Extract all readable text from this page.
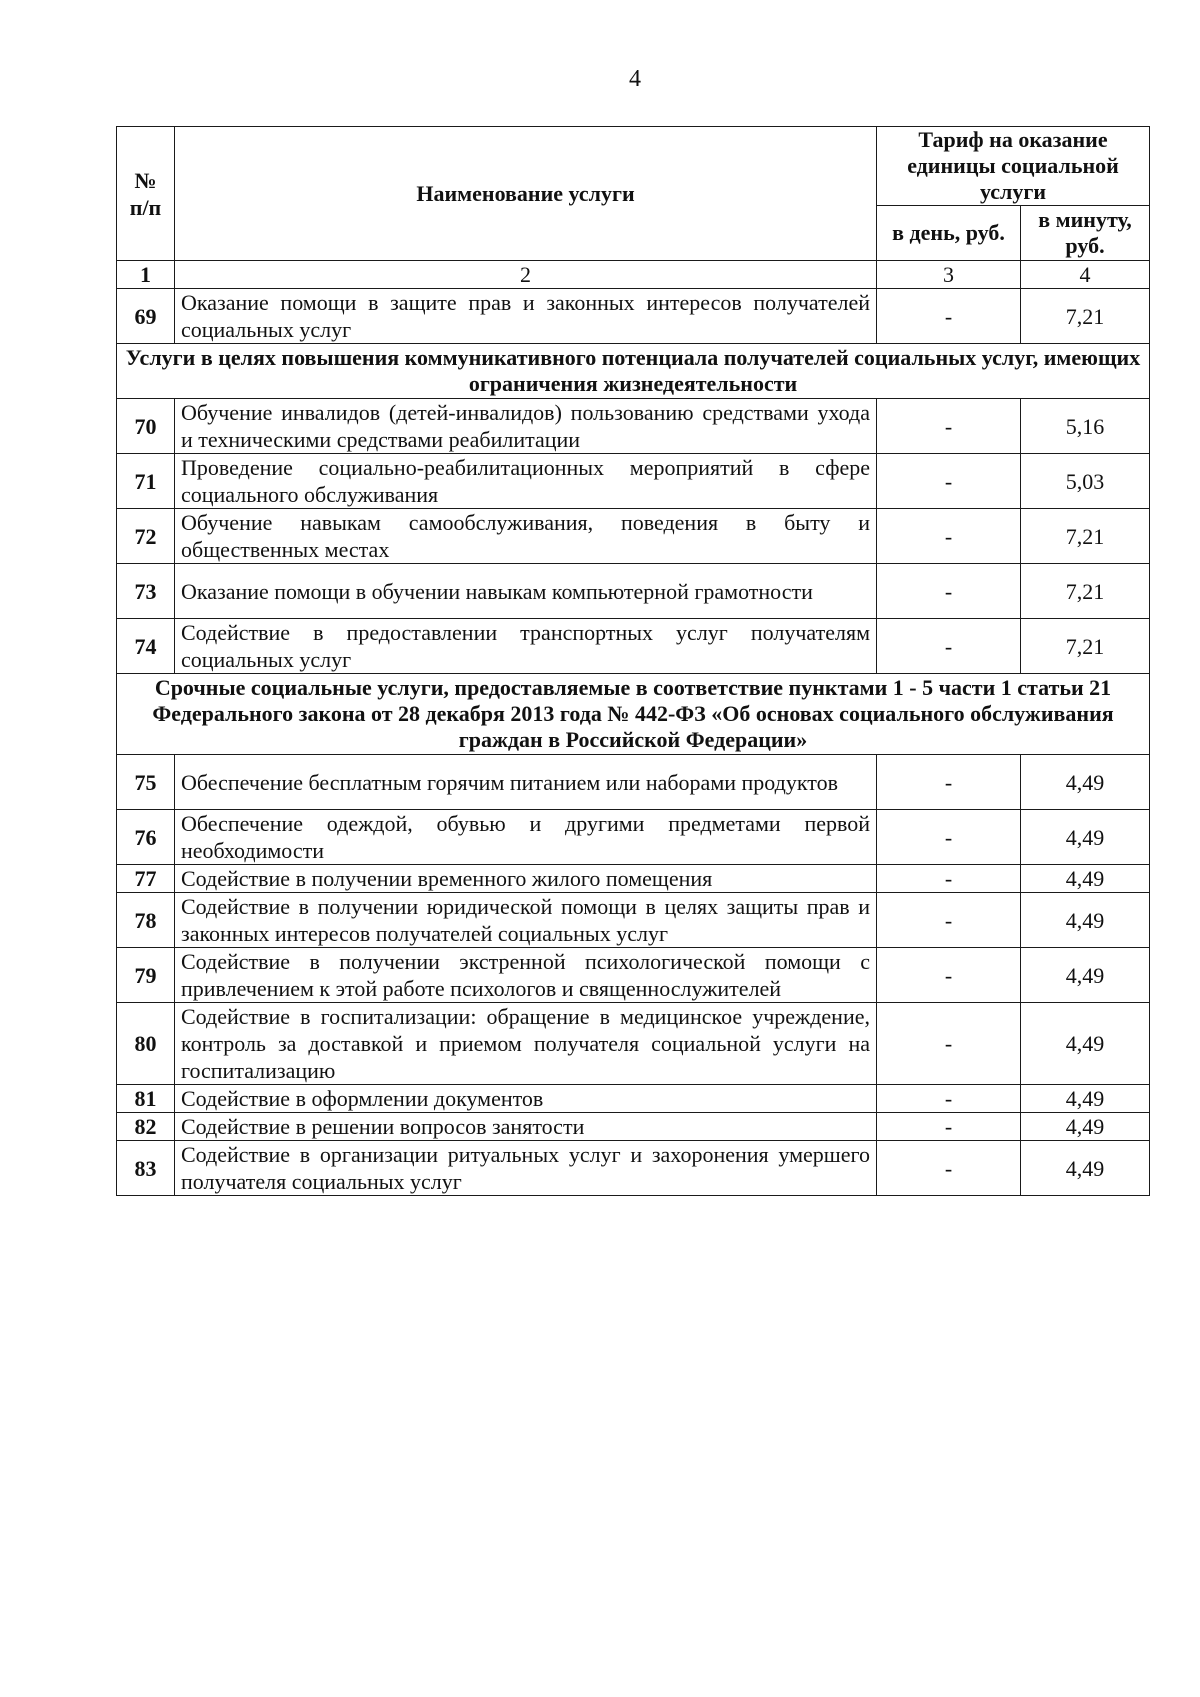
4
№ п/п	Наименование услуги	Тариф на оказание единицы социальной услуги	
		в день, руб.	в минуту, руб.
1	2	3	4
69	Оказание помощи в защите прав и законных интересов получателей социальных услуг	-	7,21
Услуги в целях повышения коммуникативного потенциала получателей социальных услуг, имеющих ограничения жизнедеятельности			
70	Обучение инвалидов (детей-инвалидов) пользованию средствами ухода и техническими средствами реабилитации	-	5,16
71	Проведение социально-реабилитационных мероприятий в сфере социального обслуживания	-	5,03
72	Обучение навыкам самообслуживания, поведения в быту и общественных местах	-	7,21
73	Оказание помощи в обучении навыкам компьютерной грамотности	-	7,21
74	Содействие в предоставлении транспортных услуг получателям социальных услуг	-	7,21
Срочные социальные услуги, предоставляемые в соответствие пунктами 1 - 5 части 1 статьи 21 Федерального закона от 28 декабря 2013 года № 442-ФЗ «Об основах социального обслуживания граждан в Российской Федерации»			
75	Обеспечение бесплатным горячим питанием или наборами продуктов	-	4,49
76	Обеспечение одеждой, обувью и другими предметами первой необходимости	-	4,49
77	Содействие в получении временного жилого помещения	-	4,49
78	Содействие в получении юридической помощи в целях защиты прав и законных интересов получателей социальных услуг	-	4,49
79	Содействие в получении экстренной психологической помощи с привлечением к этой работе психологов и священнослужителей	-	4,49
80	Содействие в госпитализации: обращение в медицинское учреждение, контроль за доставкой и приемом получателя социальной услуги на госпитализацию	-	4,49
81	Содействие в оформлении документов	-	4,49
82	Содействие в решении вопросов занятости	-	4,49
83	Содействие в организации ритуальных услуг и захоронения умершего получателя социальных услуг	-	4,49
